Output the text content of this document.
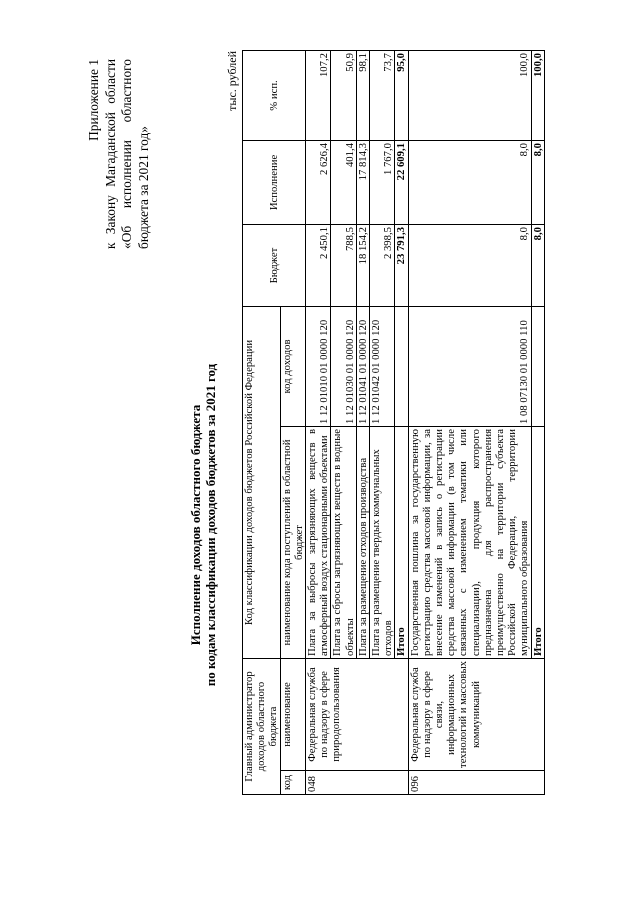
Приложение 1 к Закону Магаданской области «Об исполнении областного бюджета за 2021 год»
Исполнение доходов областного бюджета по кодам классификации доходов бюджетов за 2021 год
тыс. рублей
Главный администратор доходов областного бюджета		Код классификации доходов бюджетов Российской Федерации		Бюджет	Исполнение	% исп.
код	наименование	наименование кода поступлений в областной бюджет	код доходов			
048	Федеральная служба по надзору в сфере природопользования	Плата за выбросы загрязняющих веществ в атмосферный воздух стационарными объектами	1 12 01010 01 0000 120	2 450,1	2 626,4	107,2
		Плата за сбросы загрязняющих веществ в водные объекты	1 12 01030 01 0000 120	788,5	401,4	50,9
		Плата за размещение отходов производства	1 12 01041 01 0000 120	18 154,2	17 814,3	98,1
		Плата за размещение твердых коммунальных отходов	1 12 01042 01 0000 120	2 398,5	1 767,0	73,7
		Итого		23 791,3	22 609,1	95,0
096	Федеральная служба по надзору в сфере связи, информационных технологий и массовых коммуникаций	Государственная пошлина за государственную регистрацию средства массовой информации, за внесение изменений в запись о регистрации средства массовой информации (в том числе связанных с изменением тематики или специализации), продукция которого предназначена для распространения преимущественно на территории субъекта Российской Федерации, территории муниципального образования	1 08 07130 01 0000 110	8,0	8,0	100,0
		Итого		8,0	8,0	100,0
